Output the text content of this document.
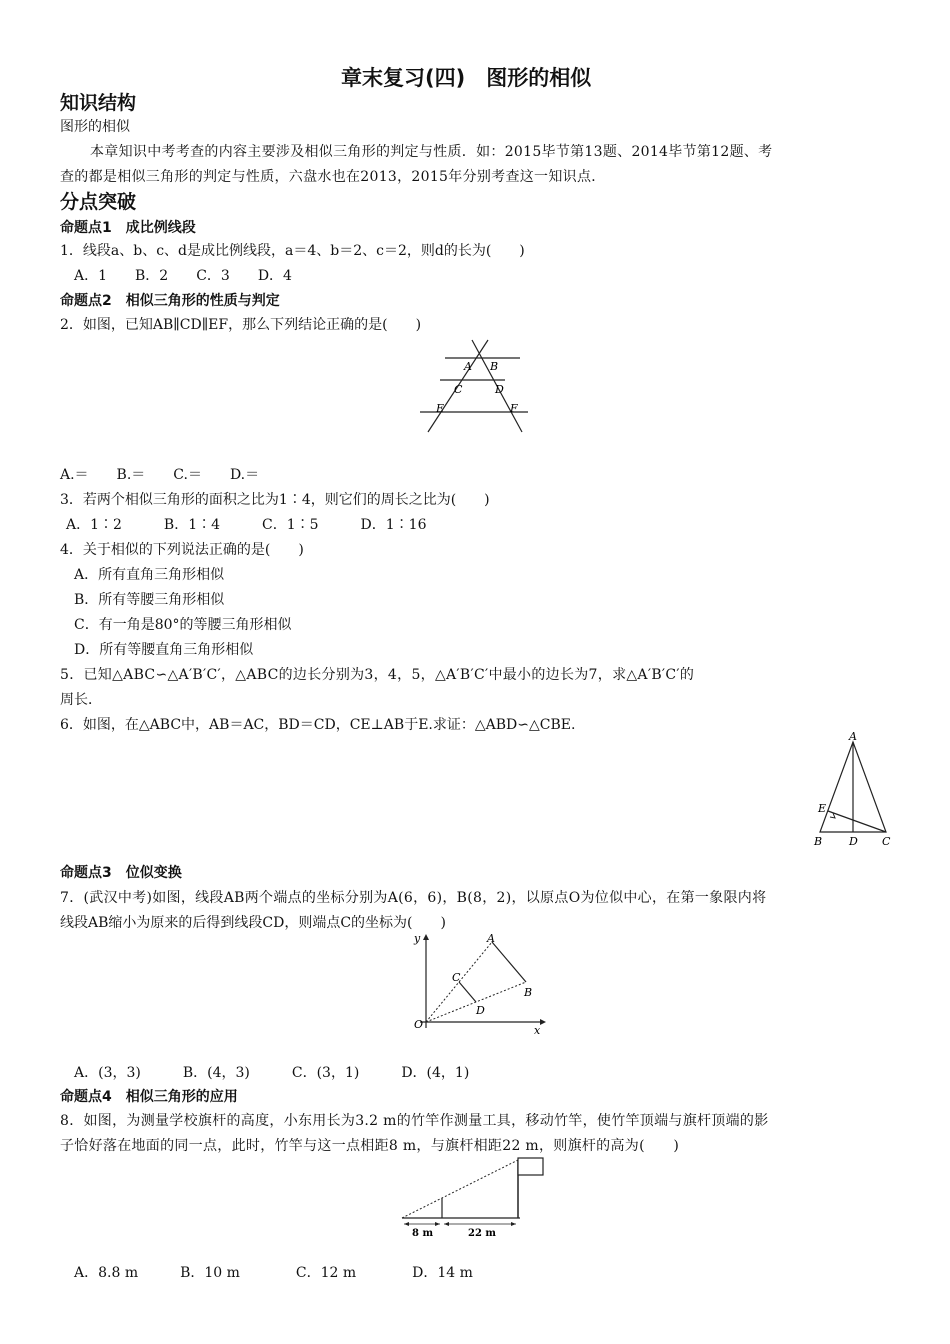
章末复习(四)　图形的相似
知识结构
图形的相似
本章知识中考考查的内容主要涉及相似三角形的判定与性质．如：2015毕节第13题、2014毕节第12题、考
查的都是相似三角形的判定与性质，六盘水也在2013，2015年分别考查这一知识点．
分点突破
命题点1　成比例线段
1．线段a、b、c、d是成比例线段，a＝4、b＝2、c＝2，则d的长为(　　)
A．1　　B．2　　C．3　　D．4
命题点2　相似三角形的性质与判定
2．如图，已知AB∥CD∥EF，那么下列结论正确的是(　　)
A B
C	D
E	F
A.＝　　B.＝　　C.＝　　D.＝
3．若两个相似三角形的面积之比为1∶4，则它们的周长之比为(　　)
A．1∶2　　　B．1∶4　　　C．1∶5　　　D．1∶16
4．关于相似的下列说法正确的是(　　)
A．所有直角三角形相似
B．所有等腰三角形相似
C．有一角是80°的等腰三角形相似
D．所有等腰直角三角形相似
5．已知△ABC∽△A′B′C′，△ABC的边长分别为3，4，5，△A′B′C′中最小的边长为7，求△A′B′C′的
周长．
6．如图，在△ABC中，AB＝AC，BD＝CD，CE⊥AB于E.求证：△ABD∽△CBE.
A
B	C
D
E
命题点3　位似变换
7．(武汉中考)如图，线段AB两个端点的坐标分别为A(6，6)，B(8，2)，以原点O为位似中心，在第一象限内将
线段AB缩小为原来的后得到线段CD，则端点C的坐标为(　　)
A
B
C
D
O	x
y
A．(3，3)　　　B．(4，3)　　　C．(3，1)　　　D．(4，1)
命题点4　相似三角形的应用
8．如图，为测量学校旗杆的高度，小东用长为3.2 m的竹竿作测量工具，移动竹竿，使竹竿顶端与旗杆顶端的影
子恰好落在地面的同一点，此时，竹竿与这一点相距8 m，与旗杆相距22 m，则旗杆的高为(　　)
8 m	22 m
A．8.8 m　　　B．10 m　　　　C．12 m　　　　D．14 m
